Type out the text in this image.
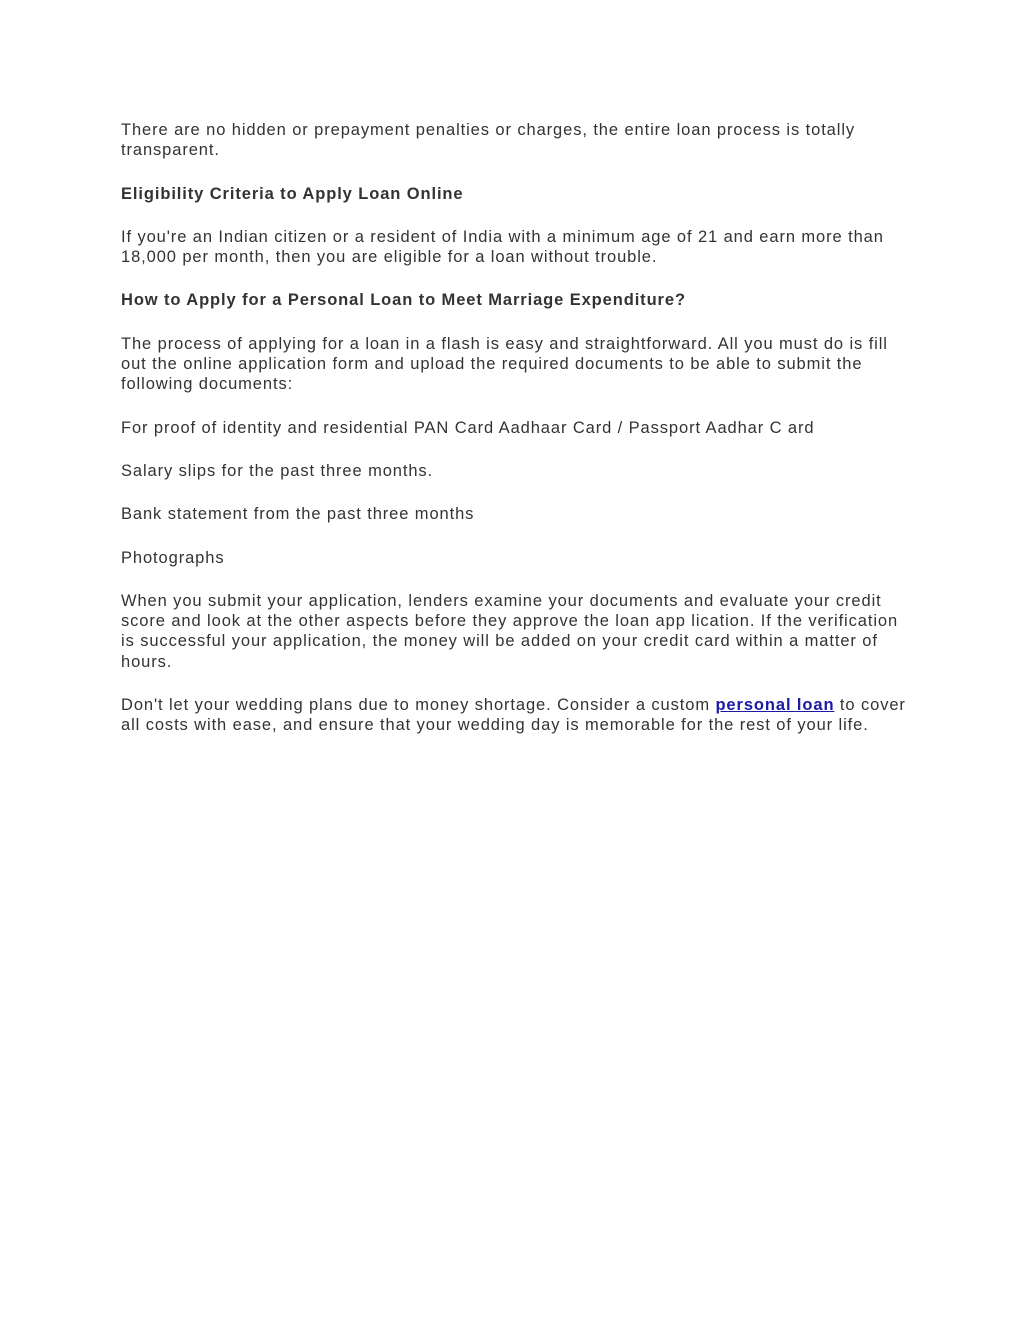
There are no hidden or prepayment penalties or charges, the entire loan process is totally transparent.

Eligibility Criteria to Apply Loan Online

If you're an Indian citizen or a resident of India with a minimum age of 21 and earn more than 18,000 per month, then you are eligible for a loan without trouble.

How to Apply for a Personal Loan to Meet Marriage Expenditure?

The process of applying for a loan in a flash is easy and straightforward. All you must do is fill out the online application form and upload the required documents to be able to submit the following documents:

For proof of identity and residential PAN Card Aadhaar Card / Passport Aadhar C ard

Salary slips for the past three months.

Bank statement from the past three months

Photographs

When you submit your application, lenders examine your documents and evaluate your credit score and look at the other aspects before they approve the loan app lication. If the verification is successful your application, the money will be added on your credit card within a matter of hours.

Don't let your wedding plans due to money shortage. Consider a custom personal loan to cover all costs with ease, and ensure that your wedding day is memorable for the rest of your life.
